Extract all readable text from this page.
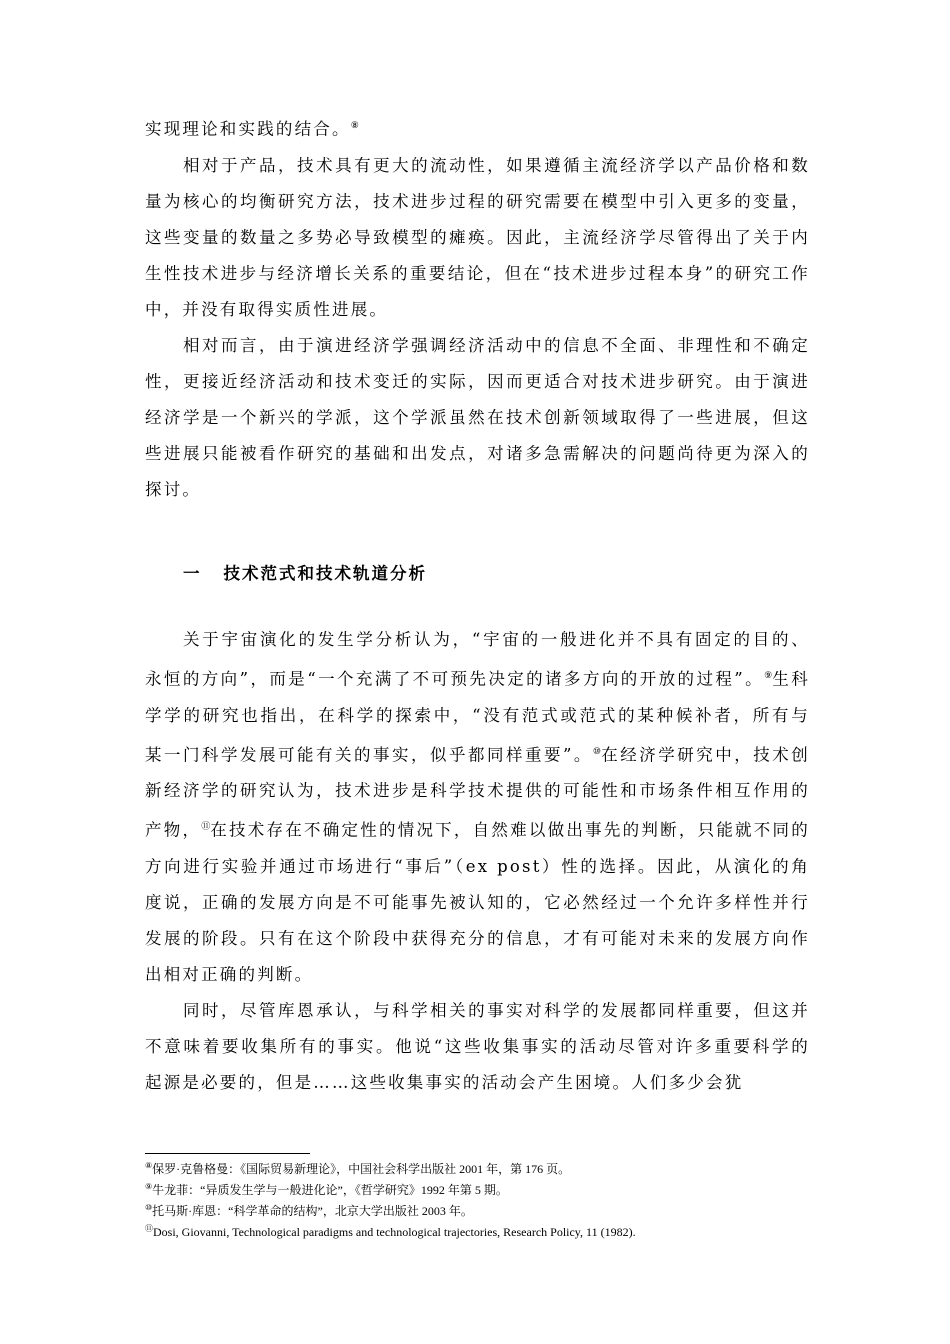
实现理论和实践的结合。⑧

相对于产品，技术具有更大的流动性，如果遵循主流经济学以产品价格和数量为核心的均衡研究方法，技术进步过程的研究需要在模型中引入更多的变量，这些变量的数量之多势必导致模型的瘫痪。因此，主流经济学尽管得出了关于内生性技术进步与经济增长关系的重要结论，但在“技术进步过程本身”的研究工作中，并没有取得实质性进展。

相对而言，由于演进经济学强调经济活动中的信息不全面、非理性和不确定性，更接近经济活动和技术变迁的实际，因而更适合对技术进步研究。由于演进经济学是一个新兴的学派，这个学派虽然在技术创新领域取得了一些进展，但这些进展只能被看作研究的基础和出发点，对诸多急需解决的问题尚待更为深入的探讨。

一 技术范式和技术轨道分析

关于宇宙演化的发生学分析认为，“宇宙的一般进化并不具有固定的目的、永恒的方向”，而是“一个充满了不可预先决定的诸多方向的开放的过程”。⑨生科学学的研究也指出，在科学的探索中，“没有范式或范式的某种候补者，所有与某一门科学发展可能有关的事实，似乎都同样重要”。⑩在经济学研究中，技术创新经济学的研究认为，技术进步是科学技术提供的可能性和市场条件相互作用的产物，⑪在技术存在不确定性的情况下，自然难以做出事先的判断，只能就不同的方向进行实验并通过市场进行“事后”（ex post）性的选择。因此，从演化的角度说，正确的发展方向是不可能事先被认知的，它必然经过一个允许多样性并行发展的阶段。只有在这个阶段中获得充分的信息，才有可能对未来的发展方向作出相对正确的判断。

同时，尽管库恩承认，与科学相关的事实对科学的发展都同样重要，但这并不意味着要收集所有的事实。他说“这些收集事实的活动尽管对许多重要科学的起源是必要的，但是……这些收集事实的活动会产生困境。人们多少会犹

⑧保罗·克鲁格曼：《国际贸易新理论》，中国社会科学出版社 2001 年，第 176 页。
⑨牛龙菲：“异质发生学与一般进化论”，《哲学研究》1992 年第 5 期。
⑩托马斯·库恩：“科学革命的结构”，北京大学出版社 2003 年。
⑪Dosi, Giovanni, Technological paradigms and technological trajectories, Research Policy, 11 (1982).
